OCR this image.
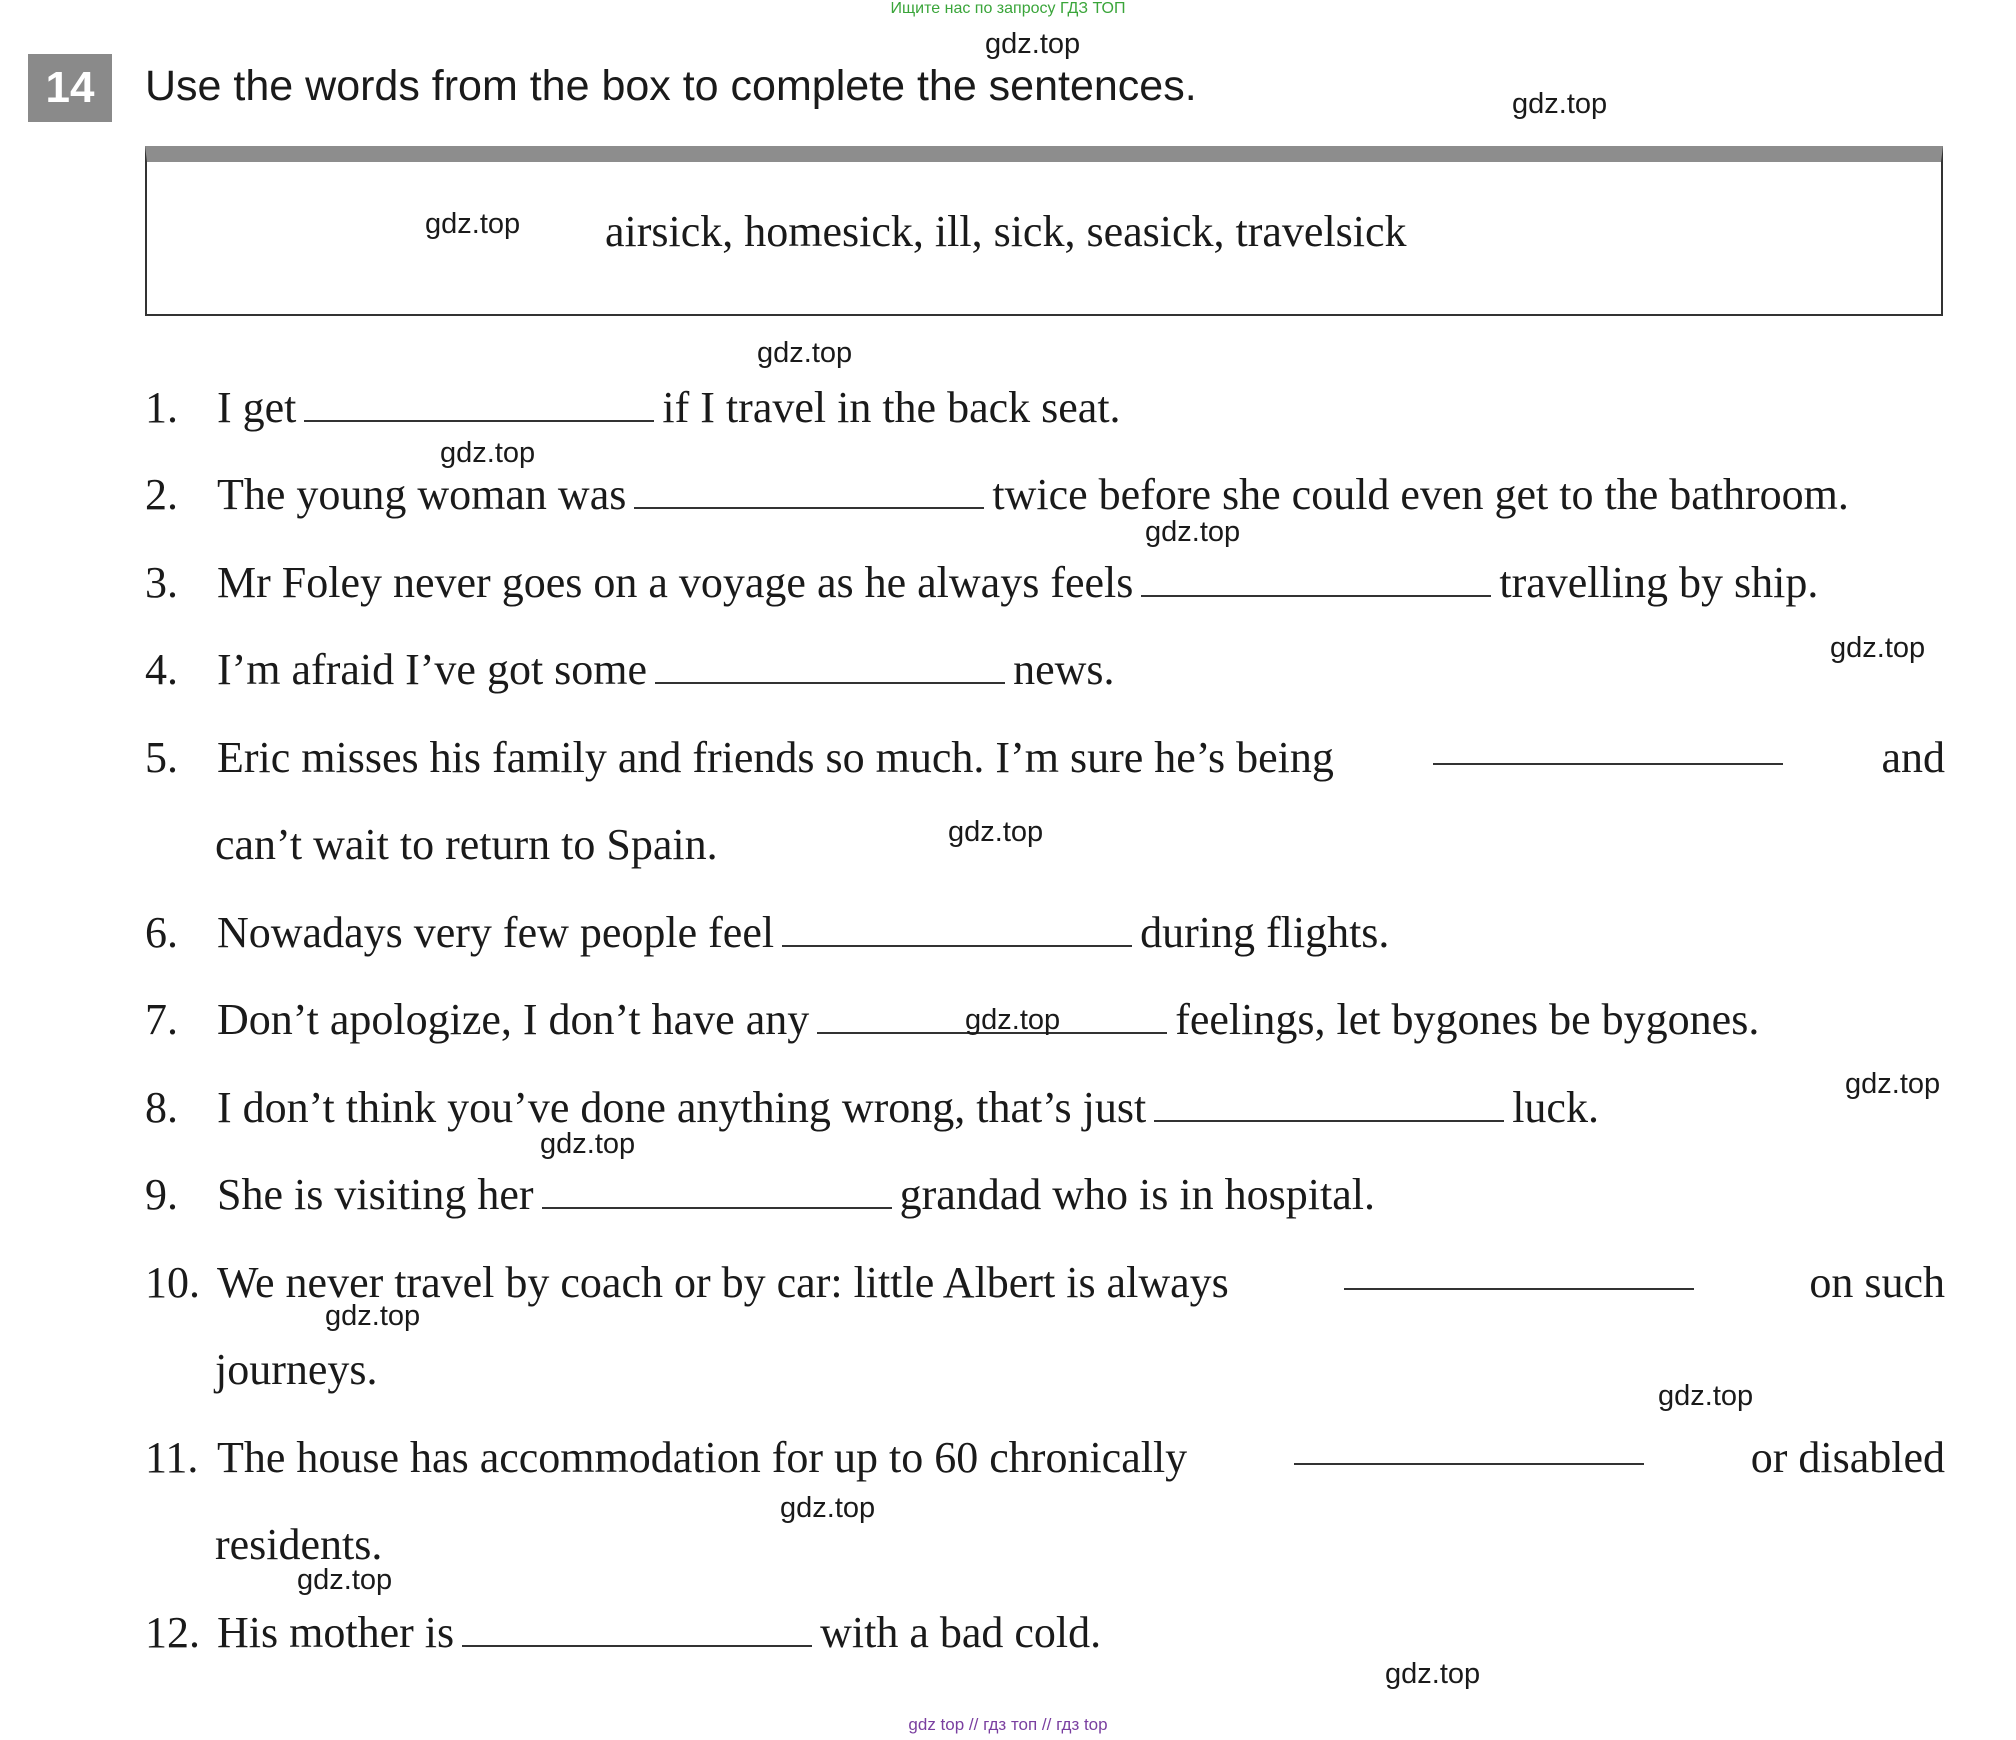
Ищите нас по запросу ГДЗ ТОП
14	Use the words from the box to complete the sentences.
airsick, homesick, ill, sick, seasick, travelsick
1. I get	if I travel in the back seat.
2. The young woman was	twice before she could even get to the bathroom.
3. Mr Foley never goes on a voyage as he always feels	travelling by ship.
4. I’m afraid I’ve got some	news.
5. Eric misses his family and friends so much. I’m sure he’s being	and
can’t wait to return to Spain.
6. Nowadays very few people feel	during flights.
7. Don’t apologize, I don’t have any	feelings, let bygones be bygones.
8. I don’t think you’ve done anything wrong, that’s just	luck.
9. She is visiting her	grandad who is in hospital.
10. We never travel by coach or by car: little Albert is always	on such
journeys.
11. The house has accommodation for up to 60 chronically	or disabled
residents.
12. His mother is	with a bad cold.
gdz.top
gdz.top
gdz.top
gdz.top
gdz.top
gdz.top
gdz.top
gdz.top
gdz.top
gdz.top
gdz.top
gdz.top
gdz.top
gdz.top
gdz.top
gdz.top
gdz top // гдз топ // гдз top
